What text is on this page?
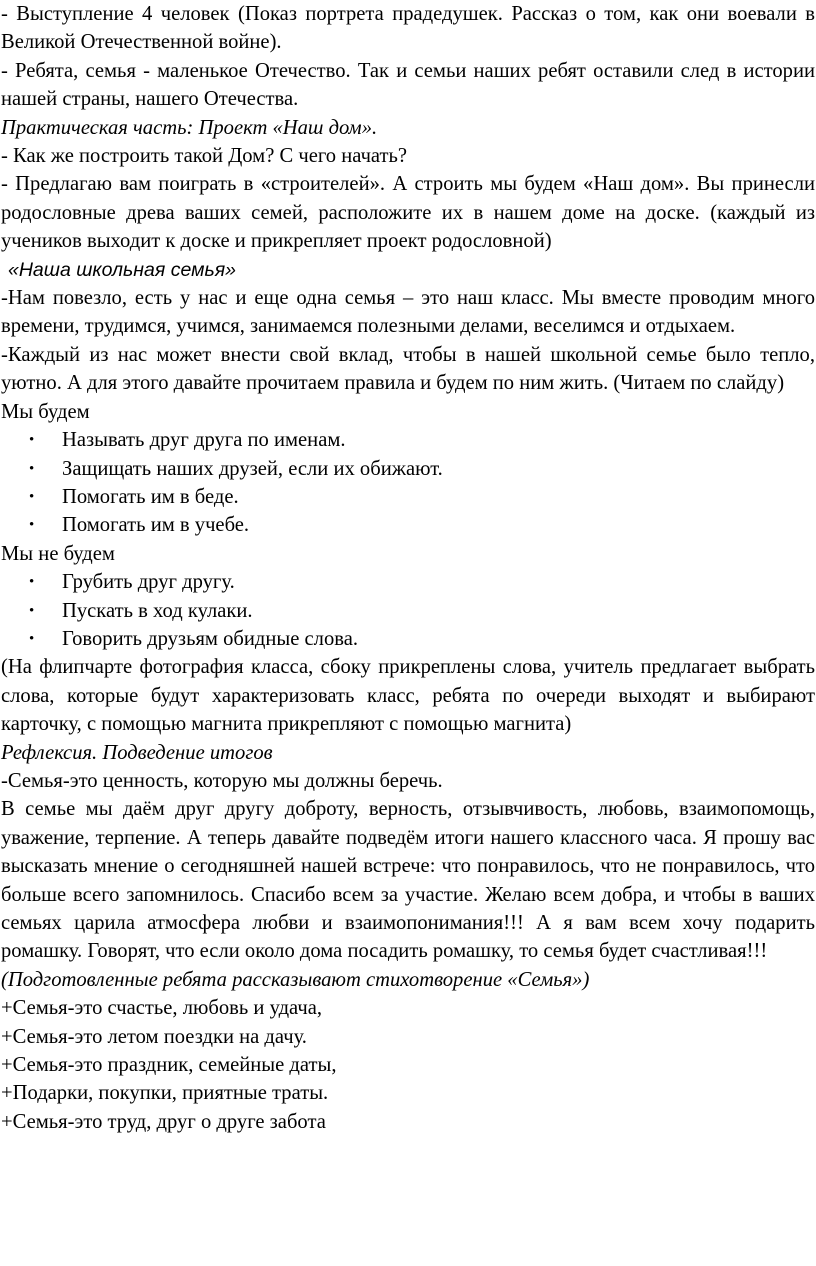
- Выступление 4 человек (Показ портрета прадедушек. Рассказ о том, как они воевали в Великой Отечественной войне).

- Ребята, семья - маленькое Отечество. Так и семьи наших ребят оставили след в истории нашей страны, нашего Отечества.

Практическая часть: Проект «Наш дом».

- Как же построить такой Дом? С чего начать?

- Предлагаю вам поиграть в «строителей». А строить мы будем «Наш дом». Вы принесли родословные древа ваших семей, расположите их в нашем доме на доске. (каждый из учеников выходит к доске и прикрепляет проект родословной)

«Наша школьная семья»

-Нам повезло, есть у нас и еще одна семья – это наш класс. Мы вместе проводим много времени, трудимся, учимся, занимаемся полезными делами, веселимся и отдыхаем.

-Каждый из нас может внести свой вклад, чтобы в нашей школьной семье было тепло, уютно. А для этого давайте прочитаем правила и будем по ним жить. (Читаем по слайду)

Мы будем

• Называть друг друга по именам.
• Защищать наших друзей, если их обижают.
• Помогать им в беде.
• Помогать им в учебе.

Мы не будем

• Грубить друг другу.
• Пускать в ход кулаки.
• Говорить друзьям обидные слова.

(На флипчарте фотография класса, сбоку прикреплены слова, учитель предлагает выбрать слова, которые будут характеризовать класс, ребята по очереди выходят и выбирают карточку, с помощью магнита прикрепляют с помощью магнита)

Рефлексия. Подведение итогов

-Семья-это ценность, которую мы должны беречь.

В семье мы даём друг другу доброту, верность, отзывчивость, любовь, взаимопомощь, уважение, терпение. А теперь давайте подведём итоги нашего классного часа. Я прошу вас высказать мнение о сегодняшней нашей встрече: что понравилось, что не понравилось, что больше всего запомнилось. Спасибо всем за участие. Желаю всем добра, и чтобы в ваших семьях царила атмосфера любви и взаимопонимания!!! А я вам всем хочу подарить ромашку. Говорят, что если около дома посадить ромашку, то семья будет счастливая!!!

(Подготовленные ребята рассказывают стихотворение «Семья»)

+Семья-это счастье, любовь и удача,

+Семья-это летом поездки на дачу.

+Семья-это праздник, семейные даты,

+Подарки, покупки, приятные траты.

+Семья-это труд, друг о друге забота
